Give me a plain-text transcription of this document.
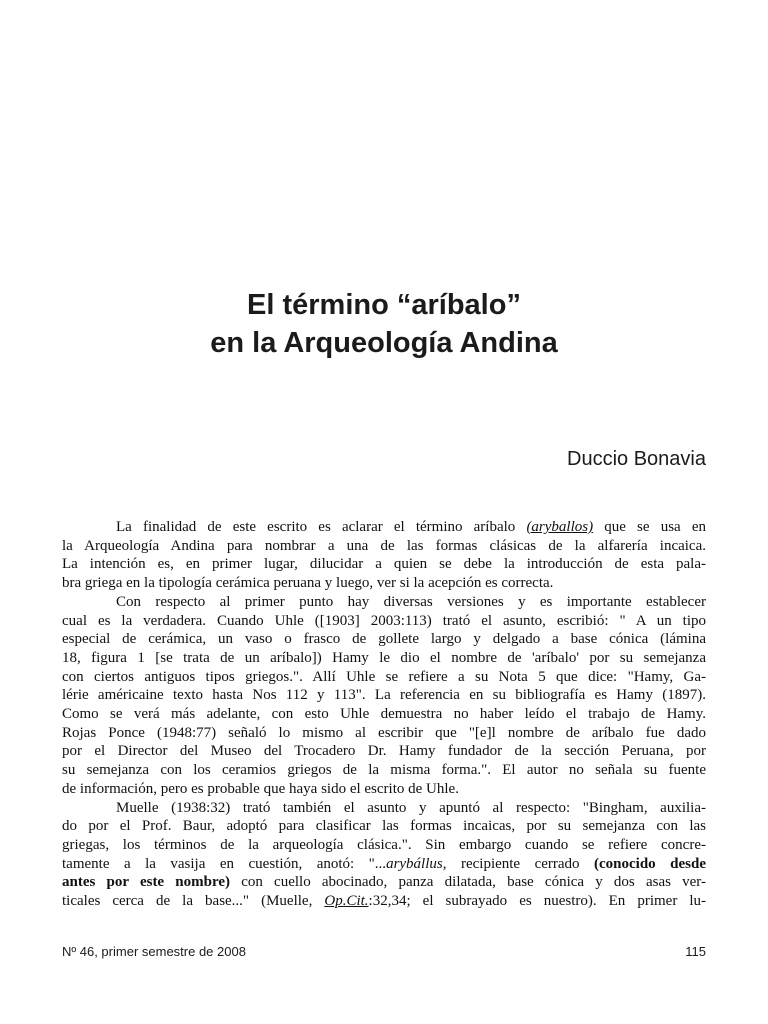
El término “aríbalo”
en la Arqueología Andina
Duccio Bonavia
La finalidad de este escrito es aclarar el término aríbalo (aryballos) que se usa en
la Arqueología Andina para nombrar a una de las formas clásicas de la alfarería incaica.
La intención es, en primer lugar, dilucidar a quien se debe la introducción de esta pala-
bra griega en la tipología cerámica peruana y luego, ver si la acepción es correcta.
Con respecto al primer punto hay diversas versiones y es importante establecer
cual es la verdadera. Cuando Uhle ([1903] 2003:113) trató el asunto, escribió: " A un tipo
especial de cerámica, un vaso o frasco de gollete largo y delgado a base cónica (lámina
18, figura 1 [se trata de un aríbalo]) Hamy le dio el nombre de 'aríbalo' por su semejanza
con ciertos antiguos tipos griegos.". Allí Uhle se refiere a su Nota 5 que dice: "Hamy, Ga-
lérie américaine texto hasta Nos 112 y 113". La referencia en su bibliografía es Hamy (1897).
Como se verá más adelante, con esto Uhle demuestra no haber leído el trabajo de Hamy.
Rojas Ponce (1948:77) señaló lo mismo al escribir que "[e]l nombre de aríbalo fue dado
por el Director del Museo del Trocadero Dr. Hamy fundador de la sección Peruana, por
su semejanza con los ceramios griegos de la misma forma.". El autor no señala su fuente
de información, pero es probable que haya sido el escrito de Uhle.
Muelle (1938:32) trató también el asunto y apuntó al respecto: "Bingham, auxilia-
do por el Prof. Baur, adoptó para clasificar las formas incaicas, por su semejanza con las
griegas, los términos de la arqueología clásica.". Sin embargo cuando se refiere concre-
tamente a la vasija en cuestión, anotó: "...arybállus, recipiente cerrado (conocido desde
antes por este nombre) con cuello abocinado, panza dilatada, base cónica y dos asas ver-
ticales cerca de la base..." (Muelle, Op.Cit.:32,34; el subrayado es nuestro). En primer lu-
Nº 46, primer semestre de 2008	115
